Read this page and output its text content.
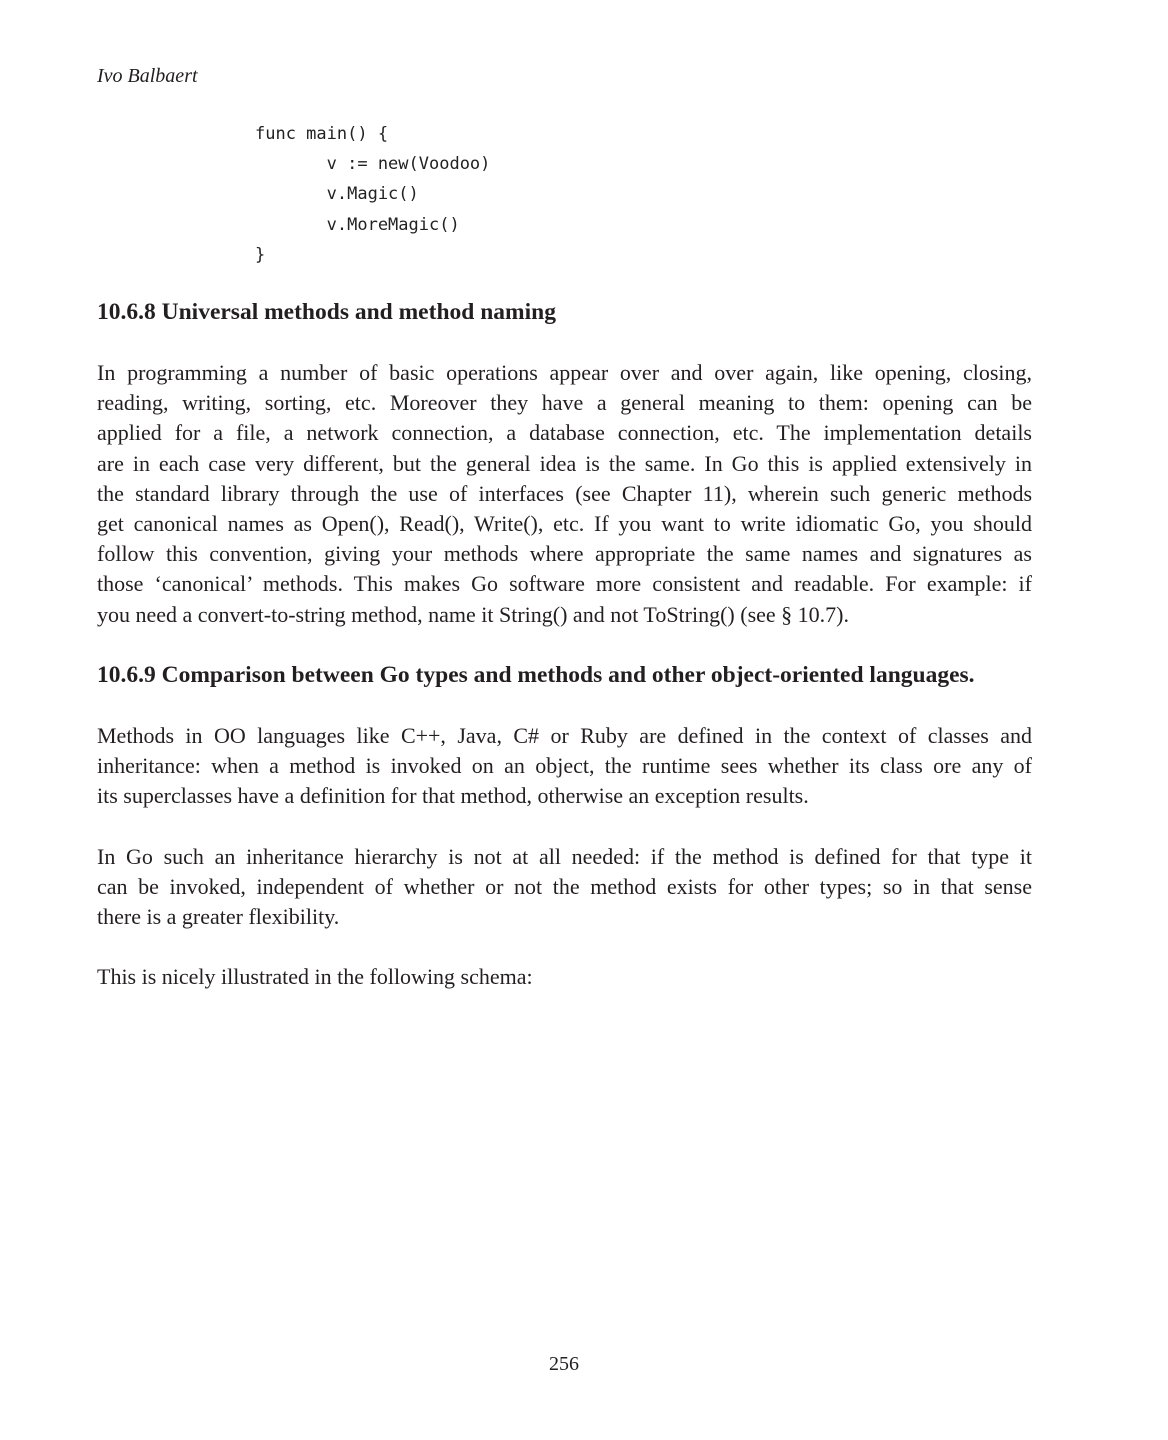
Ivo Balbaert
func main() {
v := new(Voodoo)
v.Magic()
v.MoreMagic()
}
10.6.8 Universal methods and method naming
In programming a number of basic operations appear over and over again, like opening, closing,
reading, writing, sorting, etc. Moreover they have a general meaning to them: opening can be
applied for a file, a network connection, a database connection, etc. The implementation details
are in each case very different, but the general idea is the same. In Go this is applied extensively in
the standard library through the use of interfaces (see Chapter 11), wherein such generic methods
get canonical names as Open(), Read(), Write(), etc. If you want to write idiomatic Go, you should
follow this convention, giving your methods where appropriate the same names and signatures as
those ‘canonical’ methods. This makes Go software more consistent and readable. For example: if
you need a convert-to-string method, name it String() and not ToString() (see § 10.7).
10.6.9 Comparison between Go types and methods and other object-oriented languages.
Methods in OO languages like C++, Java, C# or Ruby are defined in the context of classes and
inheritance: when a method is invoked on an object, the runtime sees whether its class ore any of
its superclasses have a definition for that method, otherwise an exception results.
In Go such an inheritance hierarchy is not at all needed: if the method is defined for that type it
can be invoked, independent of whether or not the method exists for other types; so in that sense
there is a greater flexibility.
This is nicely illustrated in the following schema:
256
